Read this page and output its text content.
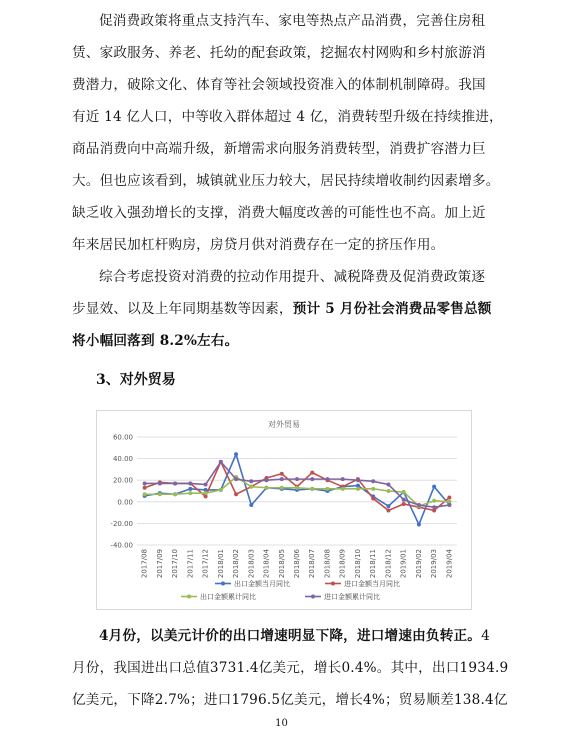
促消费政策将重点支持汽车、家电等热点产品消费，完善住房租
赁、家政服务、养老、托幼的配套政策，挖掘农村网购和乡村旅游消
费潜力，破除文化、体育等社会领域投资准入的体制机制障碍。我国
有近 14 亿人口，中等收入群体超过 4 亿，消费转型升级在持续推进，
商品消费向中高端升级，新增需求向服务消费转型，消费扩容潜力巨
大。但也应该看到，城镇就业压力较大，居民持续增收制约因素增多。
缺乏收入强劲增长的支撑，消费大幅度改善的可能性也不高。加上近
年来居民加杠杆购房，房贷月供对消费存在一定的挤压作用。
综合考虑投资对消费的拉动作用提升、减税降费及促消费政策逐
步显效、以及上年同期基数等因素，预计 5 月份社会消费品零售总额
将小幅回落到 8.2%左右。
3、对外贸易
对外贸易
60.00
40.00
20.00
0.00
-20.00
-40.00
2017/08 2017/09 2017/10 2017/11 2017/12 2018/01 2018/02 2018/03 2018/04 2018/05 2018/06 2018/07 2018/08 2018/09 2018/10 2018/11 2018/12 2019/01 2019/02 2019/03 2019/04
出口金额当月同比	进口金额当月同比
出口金额累计同比	进口金额累计同比
4月份，以美元计价的出口增速明显下降，进口增速由负转正。4
月份，我国进出口总值3731.4亿美元，增长0.4%。其中，出口1934.9
亿美元，下降2.7%；进口1796.5亿美元，增长4%；贸易顺差138.4亿
10
